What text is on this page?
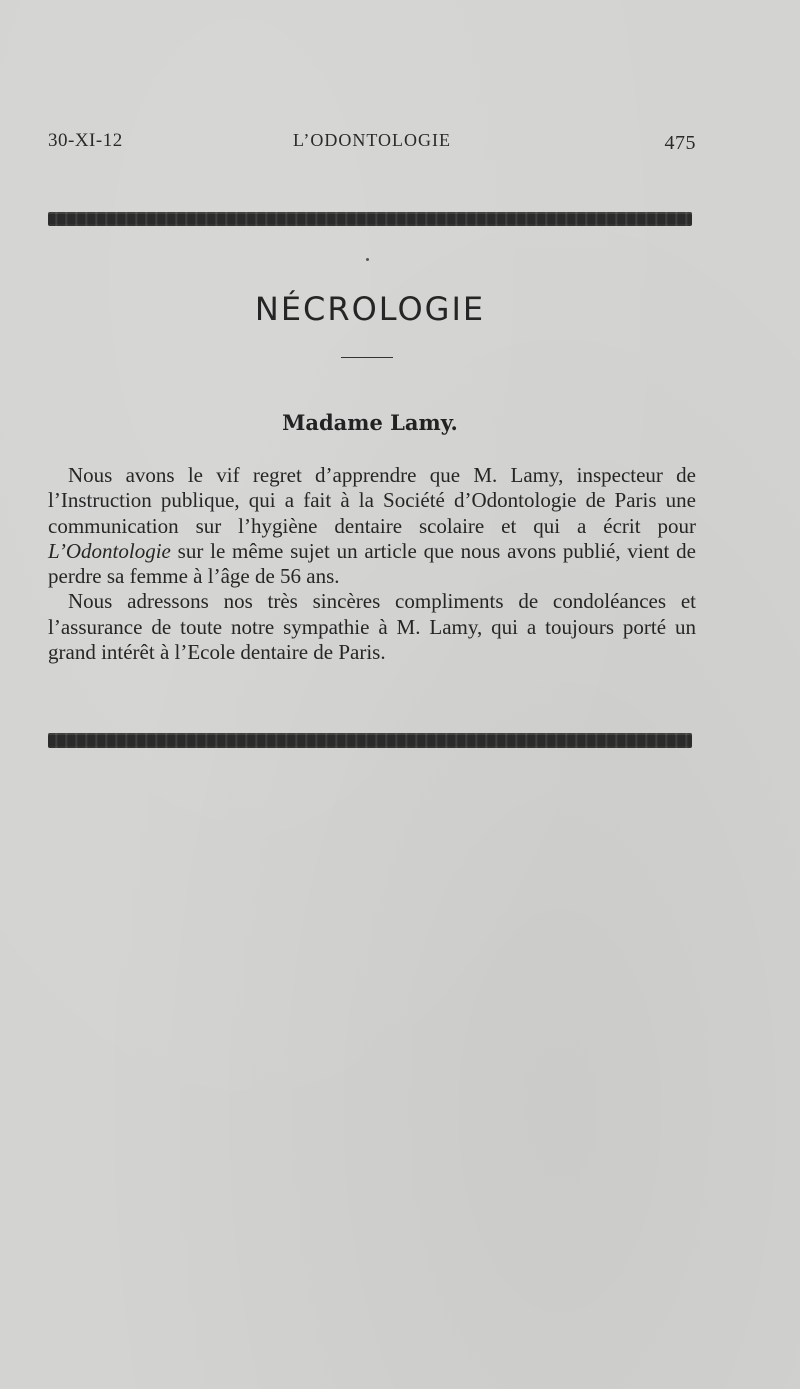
30-XI-12	L’ODONTOLOGIE	475
NÉCROLOGIE
Madame Lamy.

Nous avons le vif regret d’apprendre que M. Lamy, inspecteur de l’Instruction publique, qui a fait à la Société d’Odontologie de Paris une communication sur l’hygiène dentaire scolaire et qui a écrit pour L’Odontologie sur le même sujet un article que nous avons publié, vient de perdre sa femme à l’âge de 56 ans.

Nous adressons nos très sincères compliments de condoléances et l’assurance de toute notre sympathie à M. Lamy, qui a toujours porté un grand intérêt à l’Ecole dentaire de Paris.
